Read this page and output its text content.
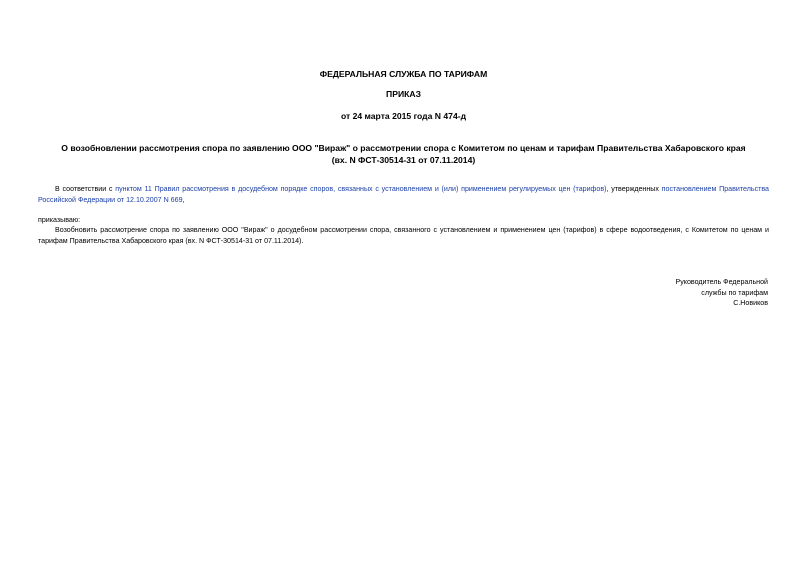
ФЕДЕРАЛЬНАЯ СЛУЖБА ПО ТАРИФАМ
ПРИКАЗ
от 24 марта 2015 года N 474-д
О возобновлении рассмотрения спора по заявлению ООО "Вираж" о рассмотрении спора с Комитетом по ценам и тарифам Правительства Хабаровского края
(вх. N ФСТ-30514-31 от 07.11.2014)
В соответствии с пунктом 11 Правил рассмотрения в досудебном порядке споров, связанных с установлением и (или) применением регулируемых цен (тарифов), утвержденных постановлением Правительства Российской Федерации от 12.10.2007 N 669,
приказываю:
Возобновить рассмотрение спора по заявлению ООО "Вираж" о досудебном рассмотрении спора, связанного с установлением и применением цен (тарифов) в сфере водоотведения, с Комитетом по ценам и тарифам Правительства Хабаровского края (вх. N ФСТ-30514-31 от 07.11.2014).
Руководитель Федеральной
службы по тарифам
С.Новиков
